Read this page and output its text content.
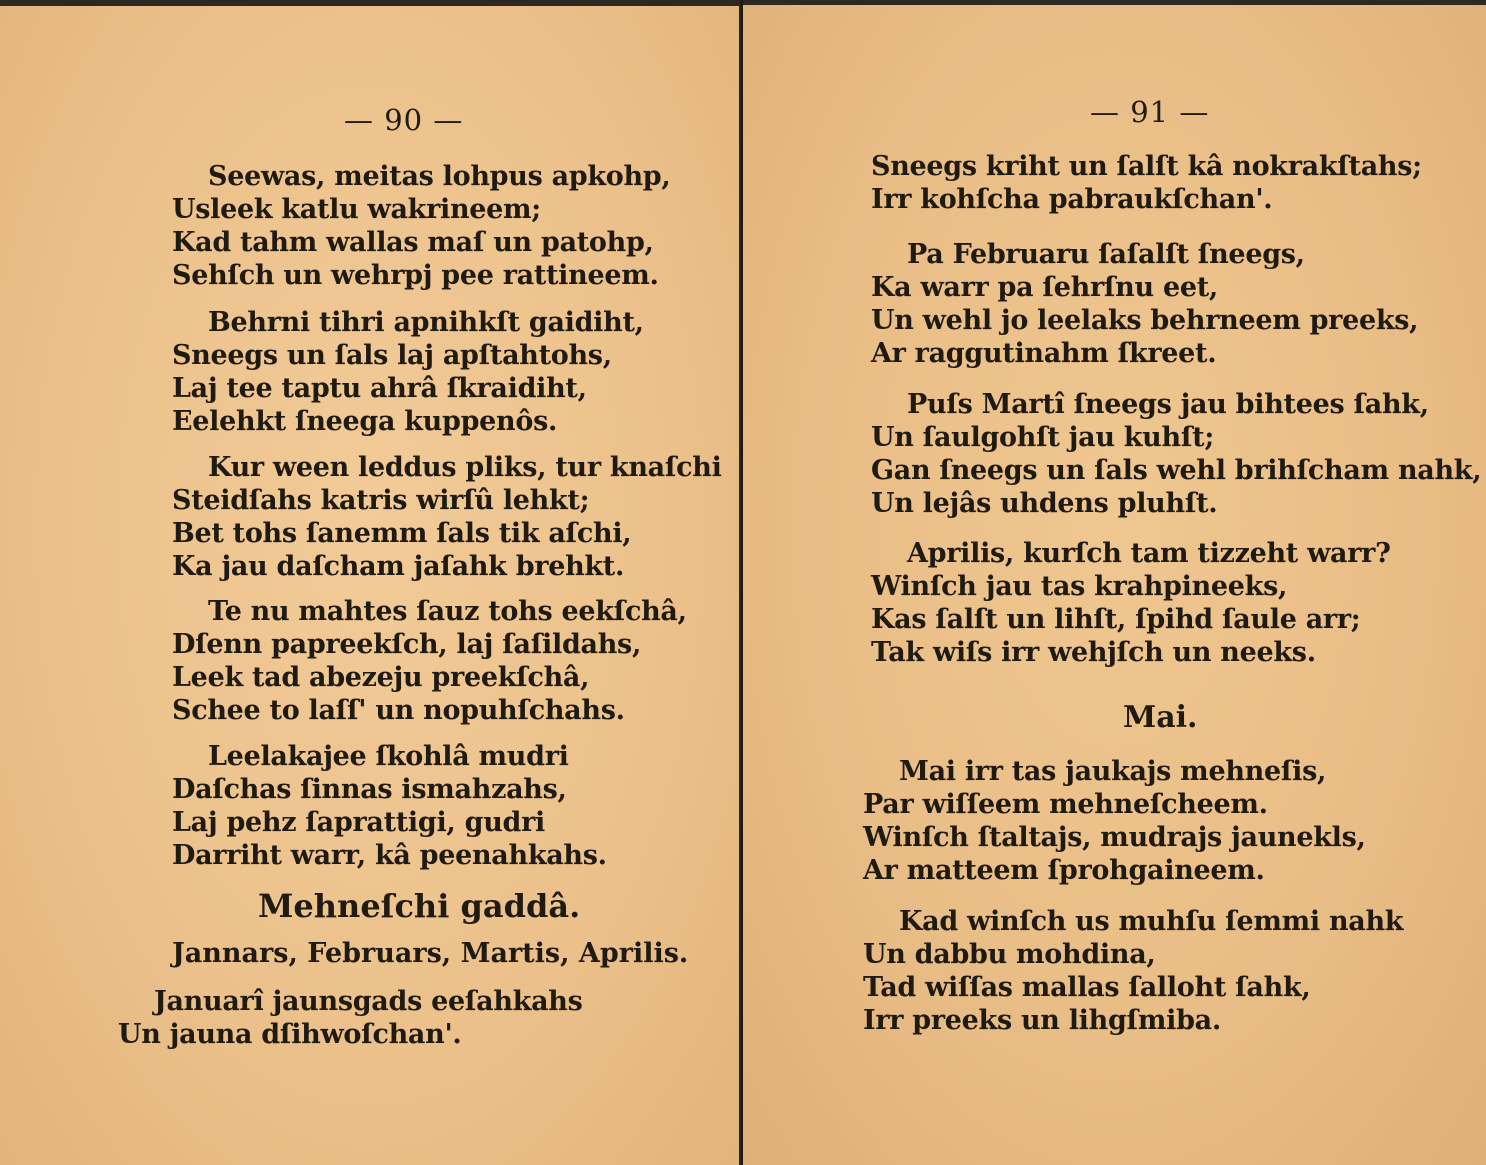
— 90 —
Seewas, meitas lohpus apkohp,
Usleek katlu wakrineem;
Kad tahm wallas maſ un patohp,
Sehſch un wehrpj pee rattineem.
Behrni tihri apnihkſt gaidiht,
Sneegs un ſals laj apſtahtohs,
Laj tee taptu ahrâ ſkraidiht,
Eelehkt ſneega kuppenôs.
Kur ween leddus pliks, tur knaſchi
Steidſahs katris wirſû lehkt;
Bet tohs ſanemm ſals tik aſchi,
Ka jau daſcham jaſahk brehkt.
Te nu mahtes ſauz tohs eekſchâ,
Dſenn papreekſch, laj ſaſildahs,
Leek tad abezeju preekſchâ,
Schee to laſſ' un nopuhſchahs.
Leelakajee ſkohlâ mudri
Daſchas ſinnas ismahzahs,
Laj pehz ſaprattigi, gudri
Darriht warr, kâ peenahkahs.
Mehneſchi gaddâ.
Jannars, Februars, Martis, Aprilis.
Januarî jaunsgads eeſahkahs
Un jauna dſihwoſchan'.
— 91 —
Sneegs kriht un ſalſt kâ nokrakſtahs;
Irr kohſcha pabraukſchan'.
Pa Februaru ſaſalſt ſneegs,
Ka warr pa ſehrſnu eet,
Un wehl jo leelaks behrneem preeks,
Ar raggutinahm ſkreet.
Puſs Martî ſneegs jau bihtees ſahk,
Un ſaulgohſt jau kuhſt;
Gan ſneegs un ſals wehl brihſcham nahk,
Un lejâs uhdens pluhſt.
Aprilis, kurſch tam tizzeht warr?
Winſch jau tas krahpineeks,
Kas ſalſt un lihſt, ſpihd ſaule arr;
Tak wiſs irr wehjſch un neeks.
Mai.
Mai irr tas jaukajs mehneſis,
Par wiſſeem mehneſcheem.
Winſch ſtaltajs, mudrajs jaunekls,
Ar matteem ſprohgaineem.
Kad winſch us muhſu ſemmi nahk
Un dabbu mohdina,
Tad wiſſas mallas ſalloht ſahk,
Irr preeks un lihgſmiba.
